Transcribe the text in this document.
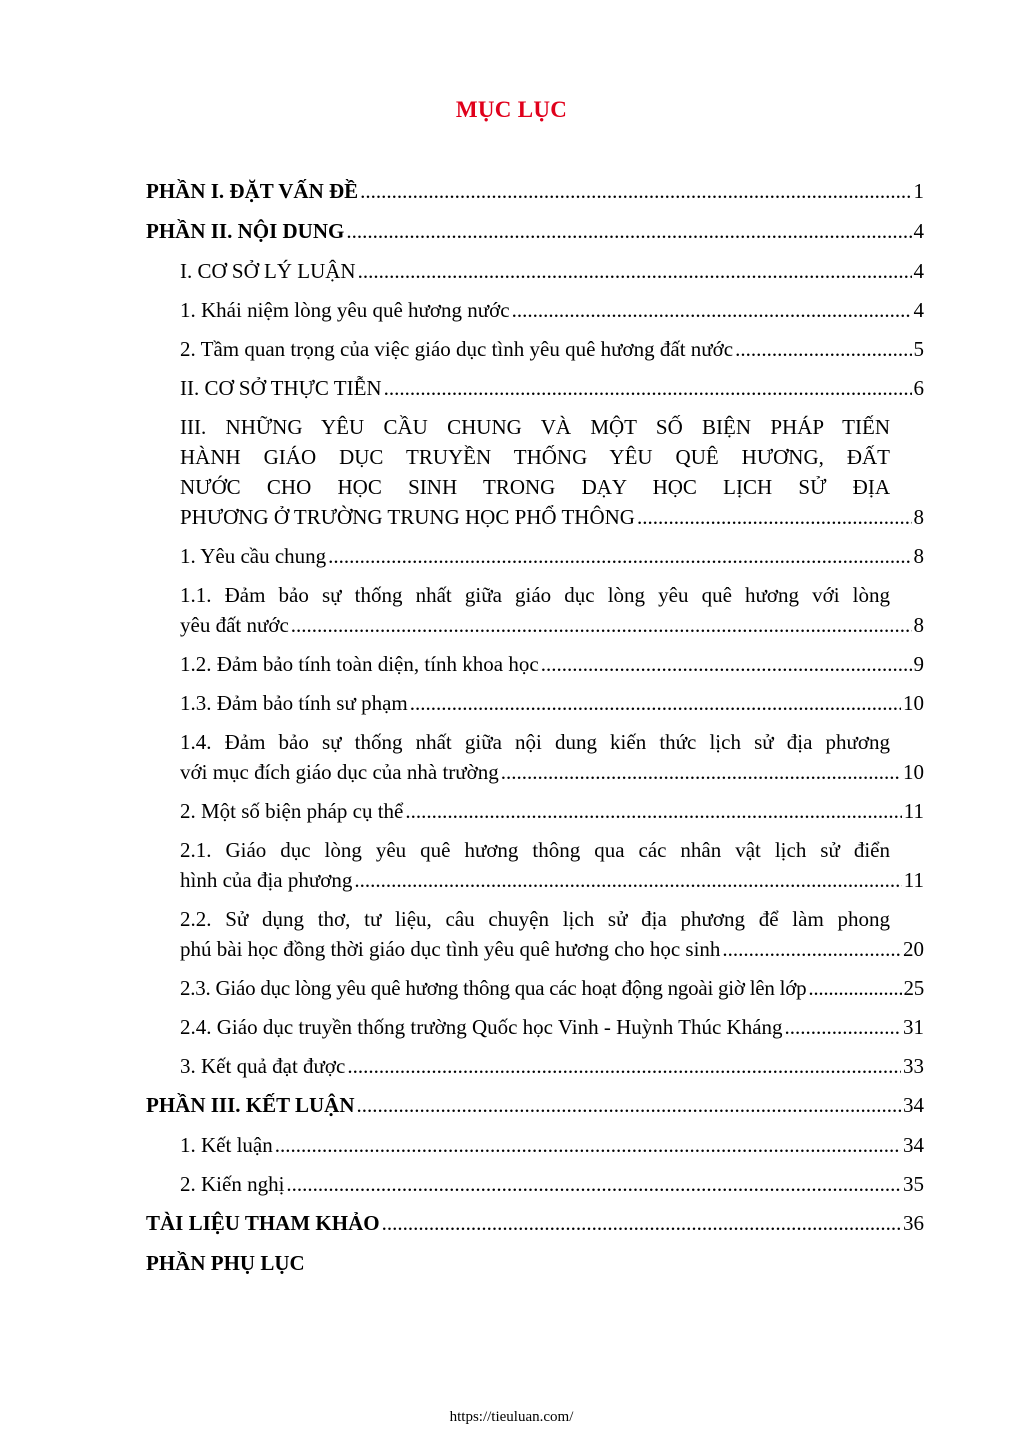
MỤC LỤC
PHẦN I. ĐẶT VẤN ĐỀ .....	1
PHẦN II. NỘI DUNG .....	4
I. CƠ SỞ LÝ LUẬN .....	4
1. Khái niệm lòng yêu quê hương nước .....	4
2. Tầm quan trọng của việc giáo dục tình yêu quê hương đất nước .....	5
II. CƠ SỞ THỰC TIỄN .....	6
III. NHỮNG YÊU CẦU CHUNG VÀ MỘT SỐ BIỆN PHÁP TIẾN
HÀNH GIÁO DỤC TRUYỀN THỐNG YÊU QUÊ HƯƠNG, ĐẤT
NƯỚC CHO HỌC SINH TRONG DẠY HỌC LỊCH SỬ ĐỊA
PHƯƠNG Ở TRƯỜNG TRUNG HỌC PHỔ THÔNG .....	8
1. Yêu cầu chung .....	8
1.1. Đảm bảo sự thống nhất giữa giáo dục lòng yêu quê hương với lòng
yêu đất nước .....	8
1.2. Đảm bảo tính toàn diện, tính khoa học .....	9
1.3. Đảm bảo tính sư phạm .....	10
1.4. Đảm bảo sự thống nhất giữa nội dung kiến thức lịch sử địa phương
với mục đích giáo dục của nhà trường .....	10
2. Một số biện pháp cụ thể .....	11
2.1. Giáo dục lòng yêu quê hương thông qua các nhân vật lịch sử điển
hình của địa phương .....	11
2.2. Sử dụng thơ, tư liệu, câu chuyện lịch sử địa phương để làm phong
phú bài học đồng thời giáo dục tình yêu quê hương cho học sinh .....	20
2.3. Giáo dục lòng yêu quê hương thông qua các hoạt động ngoài giờ lên lớp .....	25
2.4. Giáo dục truyền thống trường Quốc học Vinh - Huỳnh Thúc Kháng .....	31
3. Kết quả đạt được .....	33
PHẦN III. KẾT LUẬN .....	34
1. Kết luận .....	34
2. Kiến nghị .....	35
TÀI LIỆU THAM KHẢO .....	36
PHẦN PHỤ LỤC
https://tieuluan.com/
